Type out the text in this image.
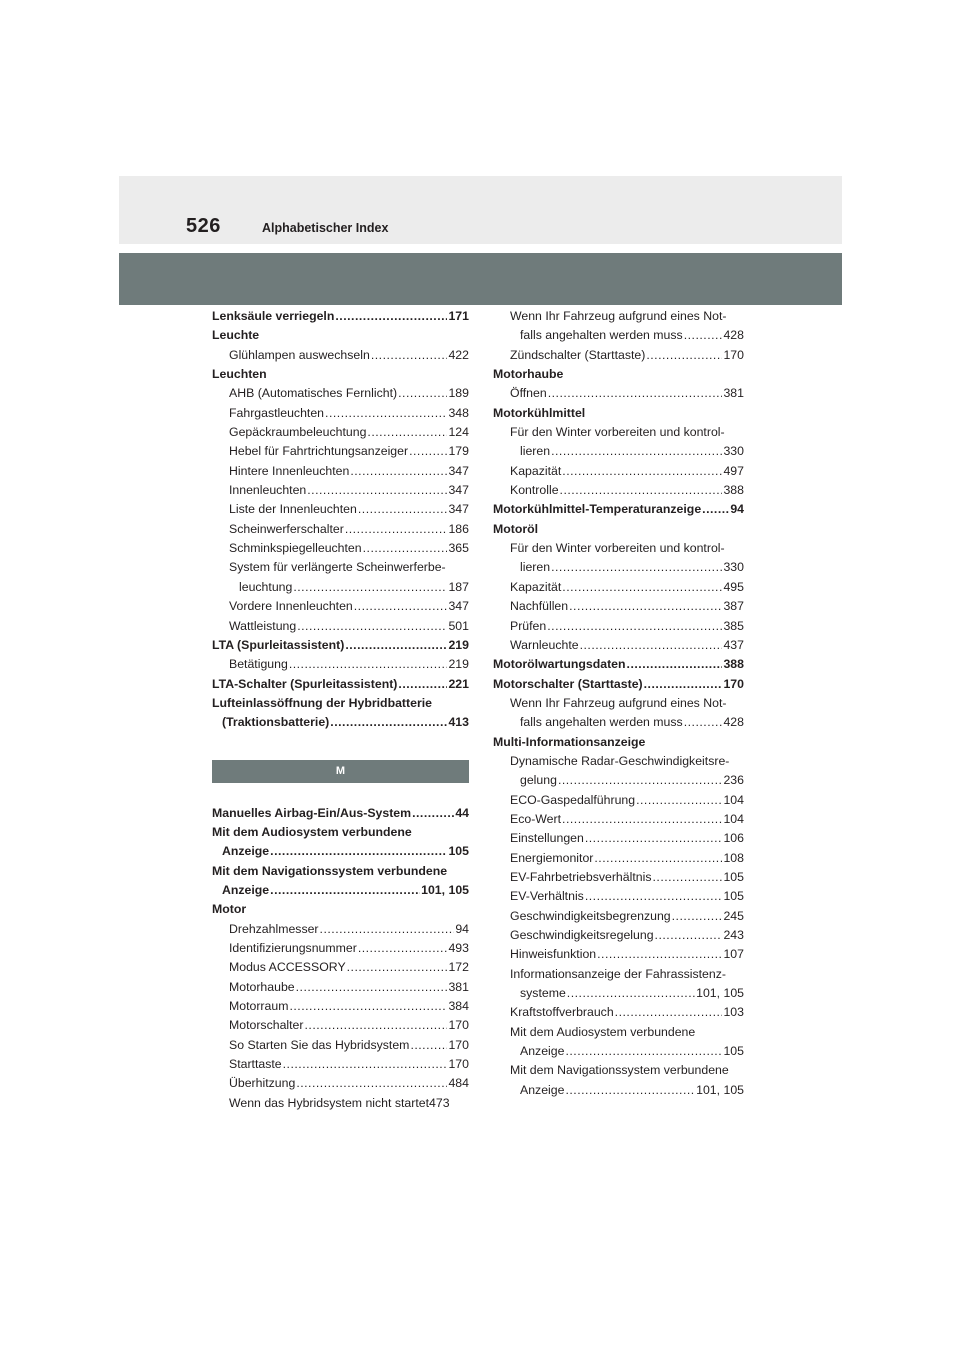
526	Alphabetischer Index
Lenksäule verriegeln .....	171
Leuchte
Glühlampen auswechseln .....	422
Leuchten
AHB (Automatisches Fernlicht) .....	189
Fahrgastleuchten .....	348
Gepäckraumbeleuchtung .....	124
Hebel für Fahrtrichtungsanzeiger .....	179
Hintere Innenleuchten .....	347
Innenleuchten .....	347
Liste der Innenleuchten .....	347
Scheinwerferschalter .....	186
Schminkspiegelleuchten .....	365
System für verlängerte Scheinwerferbe-
leuchtung .....	187
Vordere Innenleuchten .....	347
Wattleistung .....	501
LTA (Spurleitassistent) .....	219
Betätigung .....	219
LTA-Schalter (Spurleitassistent) .....	221
Lufteinlassöffnung der Hybridbatterie
(Traktionsbatterie) .....	413
M
Manuelles Airbag-Ein/Aus-System .....	44
Mit dem Audiosystem verbundene
Anzeige .....	105
Mit dem Navigationssystem verbundene
Anzeige .....	101, 105
Motor
Drehzahlmesser .....	94
Identifizierungsnummer .....	493
Modus ACCESSORY .....	172
Motorhaube .....	381
Motorraum .....	384
Motorschalter .....	170
So Starten Sie das Hybridsystem .....	170
Starttaste .....	170
Überhitzung .....	484
Wenn das Hybridsystem nicht startet 473
Wenn Ihr Fahrzeug aufgrund eines Not-
falls angehalten werden muss .....	428
Zündschalter (Starttaste) .....	170
Motorhaube
Öffnen .....	381
Motorkühlmittel
Für den Winter vorbereiten und kontrol-
lieren .....	330
Kapazität .....	497
Kontrolle .....	388
Motorkühlmittel-Temperaturanzeige ..... 94
Motoröl
Für den Winter vorbereiten und kontrol-
lieren .....	330
Kapazität .....	495
Nachfüllen .....	387
Prüfen .....	385
Warnleuchte .....	437
Motorölwartungsdaten .....	388
Motorschalter (Starttaste) .....	170
Wenn Ihr Fahrzeug aufgrund eines Not-
falls angehalten werden muss .....	428
Multi-Informationsanzeige
Dynamische Radar-Geschwindigkeitsre-
gelung .....	236
ECO-Gaspedalführung .....	104
Eco-Wert .....	104
Einstellungen .....	106
Energiemonitor .....	108
EV-Fahrbetriebsverhältnis .....	105
EV-Verhältnis .....	105
Geschwindigkeitsbegrenzung .....	245
Geschwindigkeitsregelung .....	243
Hinweisfunktion .....	107
Informationsanzeige der Fahrassistenz-
systeme .....	101, 105
Kraftstoffverbrauch .....	103
Mit dem Audiosystem verbundene
Anzeige .....	105
Mit dem Navigationssystem verbundene
Anzeige .....	101, 105
